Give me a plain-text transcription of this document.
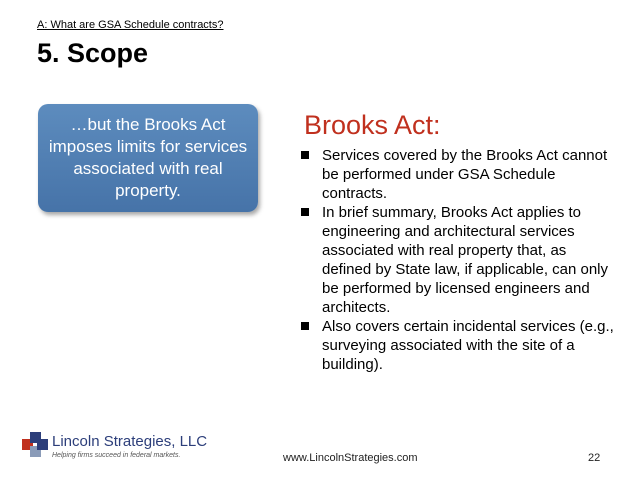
A: What are GSA Schedule contracts?
5. Scope
…but the Brooks Act imposes limits for services associated with real property.
Brooks Act:
Services covered by the Brooks Act cannot be performed under GSA Schedule contracts.
In brief summary, Brooks Act applies to engineering and architectural services associated with real property that, as defined by State law, if applicable, can only be performed by licensed engineers and architects.
Also covers certain incidental services (e.g., surveying associated with the site of a building).
Lincoln Strategies, LLC
Helping firms succeed in federal markets.	www.LincolnStrategies.com	22
